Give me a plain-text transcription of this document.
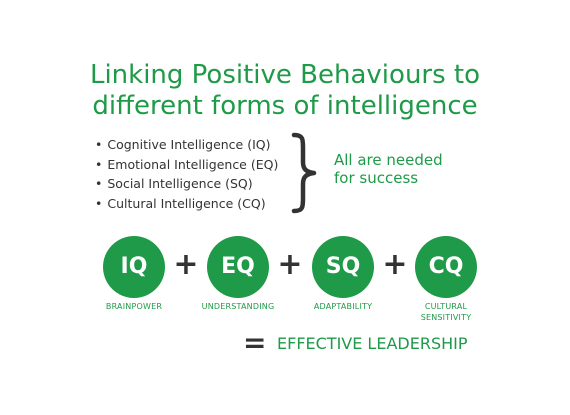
Linking Positive Behaviours to
different forms of intelligence
• Cognitive Intelligence (IQ)
• Emotional Intelligence (EQ)
• Social Intelligence (SQ)
• Cultural Intelligence (CQ)
All are needed
for success
IQ +	EQ +	SQ + CQ
BRAINPOWER	UNDERSTANDING	ADAPTABILITY	CULTURAL
SENSITIVITY
= EFFECTIVE LEADERSHIP
